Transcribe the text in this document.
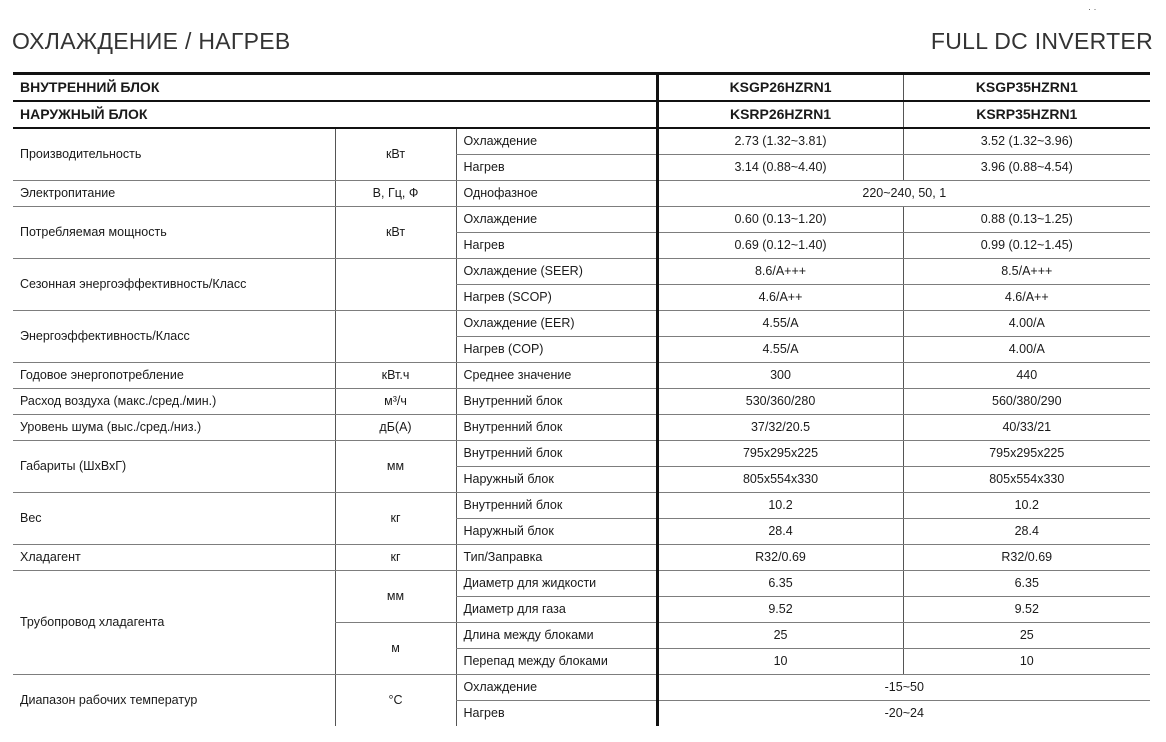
· ·
ОХЛАЖДЕНИЕ / НАГРЕВ	FULL DC INVERTER
ВНУТРЕННИЙ БЛОК			KSGP26HZRN1	KSGP35HZRN1
НАРУЖНЫЙ БЛОК			KSRP26HZRN1	KSRP35HZRN1
Производительность	кВт	Охлаждение	2.73 (1.32~3.81)	3.52 (1.32~3.96)
		Нагрев	3.14 (0.88~4.40)	3.96 (0.88~4.54)
Электропитание	В, Гц, Ф	Однофазное	220~240, 50, 1	
Потребляемая мощность	кВт	Охлаждение	0.60 (0.13~1.20)	0.88 (0.13~1.25)
		Нагрев	0.69 (0.12~1.40)	0.99 (0.12~1.45)
Сезонная энергоэффективность/Класс		Охлаждение (SEER)	8.6/A+++	8.5/A+++
		Нагрев (SCOP)	4.6/A++	4.6/A++
Энергоэффективность/Класс		Охлаждение (EER)	4.55/A	4.00/A
		Нагрев (COP)	4.55/A	4.00/A
Годовое энергопотребление	кВт.ч	Среднее значение	300	440
Расход воздуха (макс./сред./мин.)	м³/ч	Внутренний блок	530/360/280	560/380/290
Уровень шума (выс./сред./низ.)	дБ(А)	Внутренний блок	37/32/20.5	40/33/21
Габариты (ШхВхГ)	мм	Внутренний блок	795x295x225	795x295x225
		Наружный блок	805x554x330	805x554x330
Вес	кг	Внутренний блок	10.2	10.2
		Наружный блок	28.4	28.4
Хладагент	кг	Тип/Заправка	R32/0.69	R32/0.69
Трубопровод хладагента	мм	Диаметр для жидкости	6.35	6.35
		Диаметр для газа	9.52	9.52
	м	Длина между блоками	25	25
		Перепад между блоками	10	10
Диапазон рабочих температур	°C	Охлаждение	-15~50	
		Нагрев	-20~24	
